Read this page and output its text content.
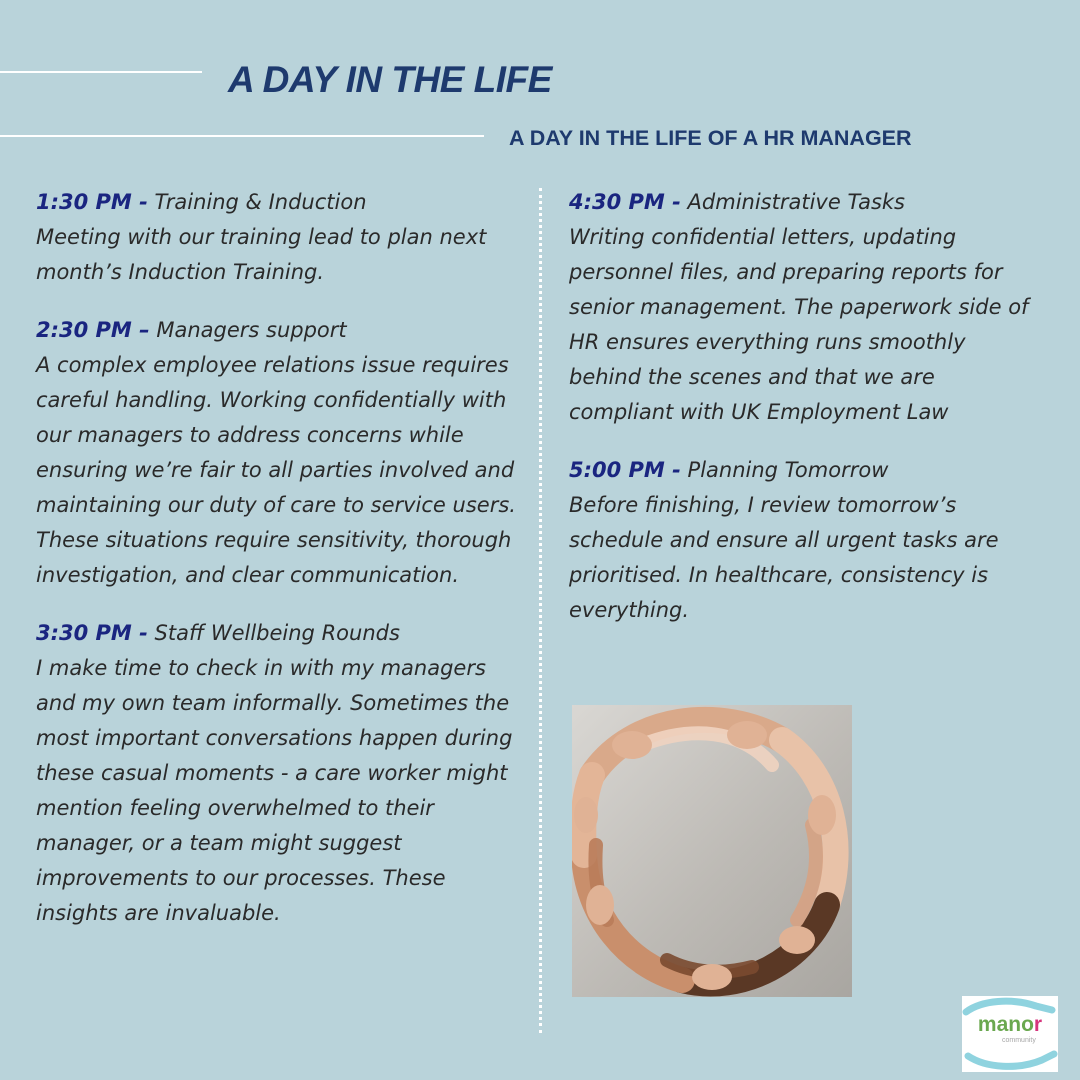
A DAY IN THE LIFE
A DAY IN THE LIFE OF A HR MANAGER

1:30 PM - Training & Induction
Meeting with our training lead to plan next month’s Induction Training.

2:30 PM – Managers support
A complex employee relations issue requires careful handling. Working confidentially with our managers to address concerns while ensuring we’re fair to all parties involved and maintaining our duty of care to service users. These situations require sensitivity, thorough investigation, and clear communication.

3:30 PM - Staff Wellbeing Rounds
I make time to check in with my managers and my own team informally. Sometimes the most important conversations happen during these casual moments - a care worker might mention feeling overwhelmed to their manager, or a team might suggest improvements to our processes. These insights are invaluable.

4:30 PM - Administrative Tasks
Writing confidential letters, updating personnel files, and preparing reports for senior management. The paperwork side of HR ensures everything runs smoothly behind the scenes and that we are compliant with UK Employment Law

5:00 PM - Planning Tomorrow
Before finishing, I review tomorrow’s schedule and ensure all urgent tasks are prioritised. In healthcare, consistency is everything.

manor
community
